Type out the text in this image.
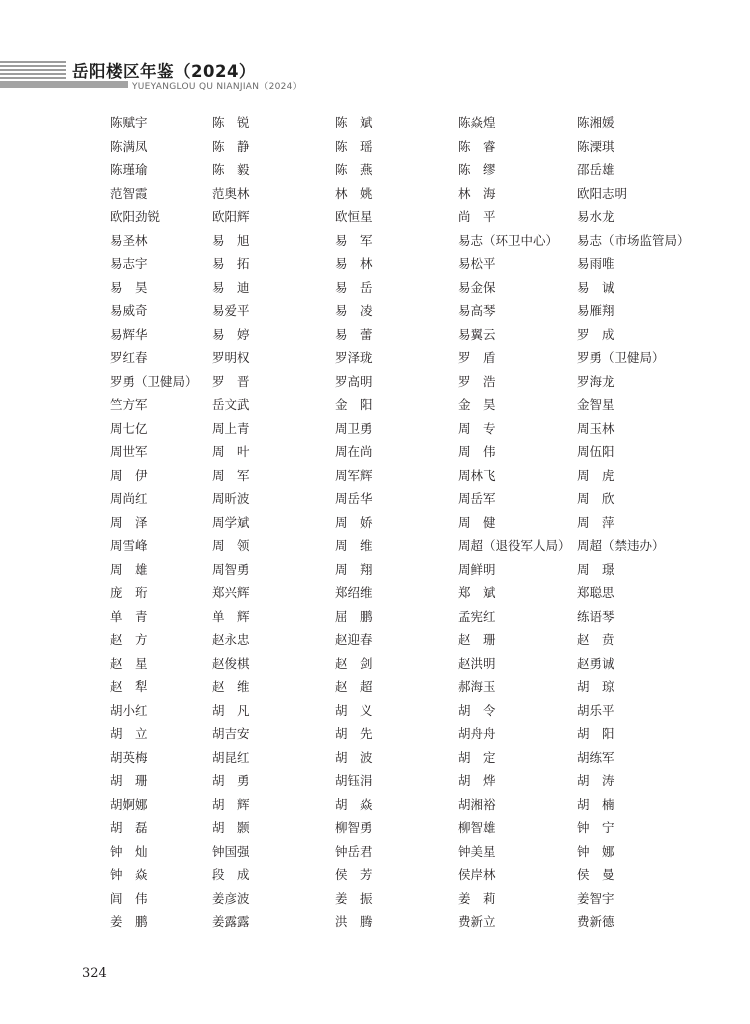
岳阳楼区年鉴（2024）
YUEYANGLOU QU NIANJIAN（2024）
陈赋宇	陈　锐	陈　斌	陈焱煌	陈湘媛
陈满凤	陈　静	陈　瑶	陈　睿	陈溧琪
陈瑾瑜	陈　毅	陈　燕	陈　缪	邵岳雄
范智霞	范奥林	林　姚	林　海	欧阳志明
欧阳劲锐	欧阳辉	欧恒星	尚　平	易水龙
易圣林	易　旭	易　军	易志（环卫中心） 易志（市场监管局）
易志宇	易　拓	易　林	易松平	易雨唯
易　昊	易　迪	易　岳	易金保	易　诚
易威奇	易爱平	易　凌	易高琴	易雁翔
易辉华	易　婷	易　蕾	易翼云	罗　成
罗红春	罗明权	罗泽珑	罗　盾	罗勇（卫健局）
罗勇（卫健局） 罗　晋	罗高明	罗　浩	罗海龙
竺方军	岳文武	金　阳	金　昊	金智星
周七亿	周上青	周卫勇	周　专	周玉林
周世军	周　叶	周在尚	周　伟	周伍阳
周　伊	周　军	周军辉	周林飞	周　虎
周尚红	周昕波	周岳华	周岳军	周　欣
周　泽	周学斌	周　娇	周　健	周　萍
周雪峰	周　领	周　维	周超（退役军人局） 周超（禁违办）
周　雄	周智勇	周　翔	周鲜明	周　璟
庞　珩	郑兴辉	郑绍维	郑　斌	郑聪思
单　青	单　辉	屈　鹏	孟宪红	练语琴
赵　方	赵永忠	赵迎春	赵　珊	赵　贲
赵　星	赵俊棋	赵　剑	赵洪明	赵勇诚
赵　犁	赵　维	赵　超	郝海玉	胡　琼
胡小红	胡　凡	胡　义	胡　令	胡乐平
胡　立	胡吉安	胡　先	胡舟舟	胡　阳
胡英梅	胡昆红	胡　波	胡　定	胡练军
胡　珊	胡　勇	胡钰涓	胡　烨	胡　涛
胡婀娜	胡　辉	胡　焱	胡湘裕	胡　楠
胡　磊	胡　颢	柳智勇	柳智雄	钟　宁
钟　灿	钟国强	钟岳君	钟美星	钟　娜
钟　焱	段　成	侯　芳	侯岸林	侯　曼
闾　伟	姜彦波	姜　振	姜　莉	姜智宇
姜　鹏	姜露露	洪　腾	费新立	费新德
324
